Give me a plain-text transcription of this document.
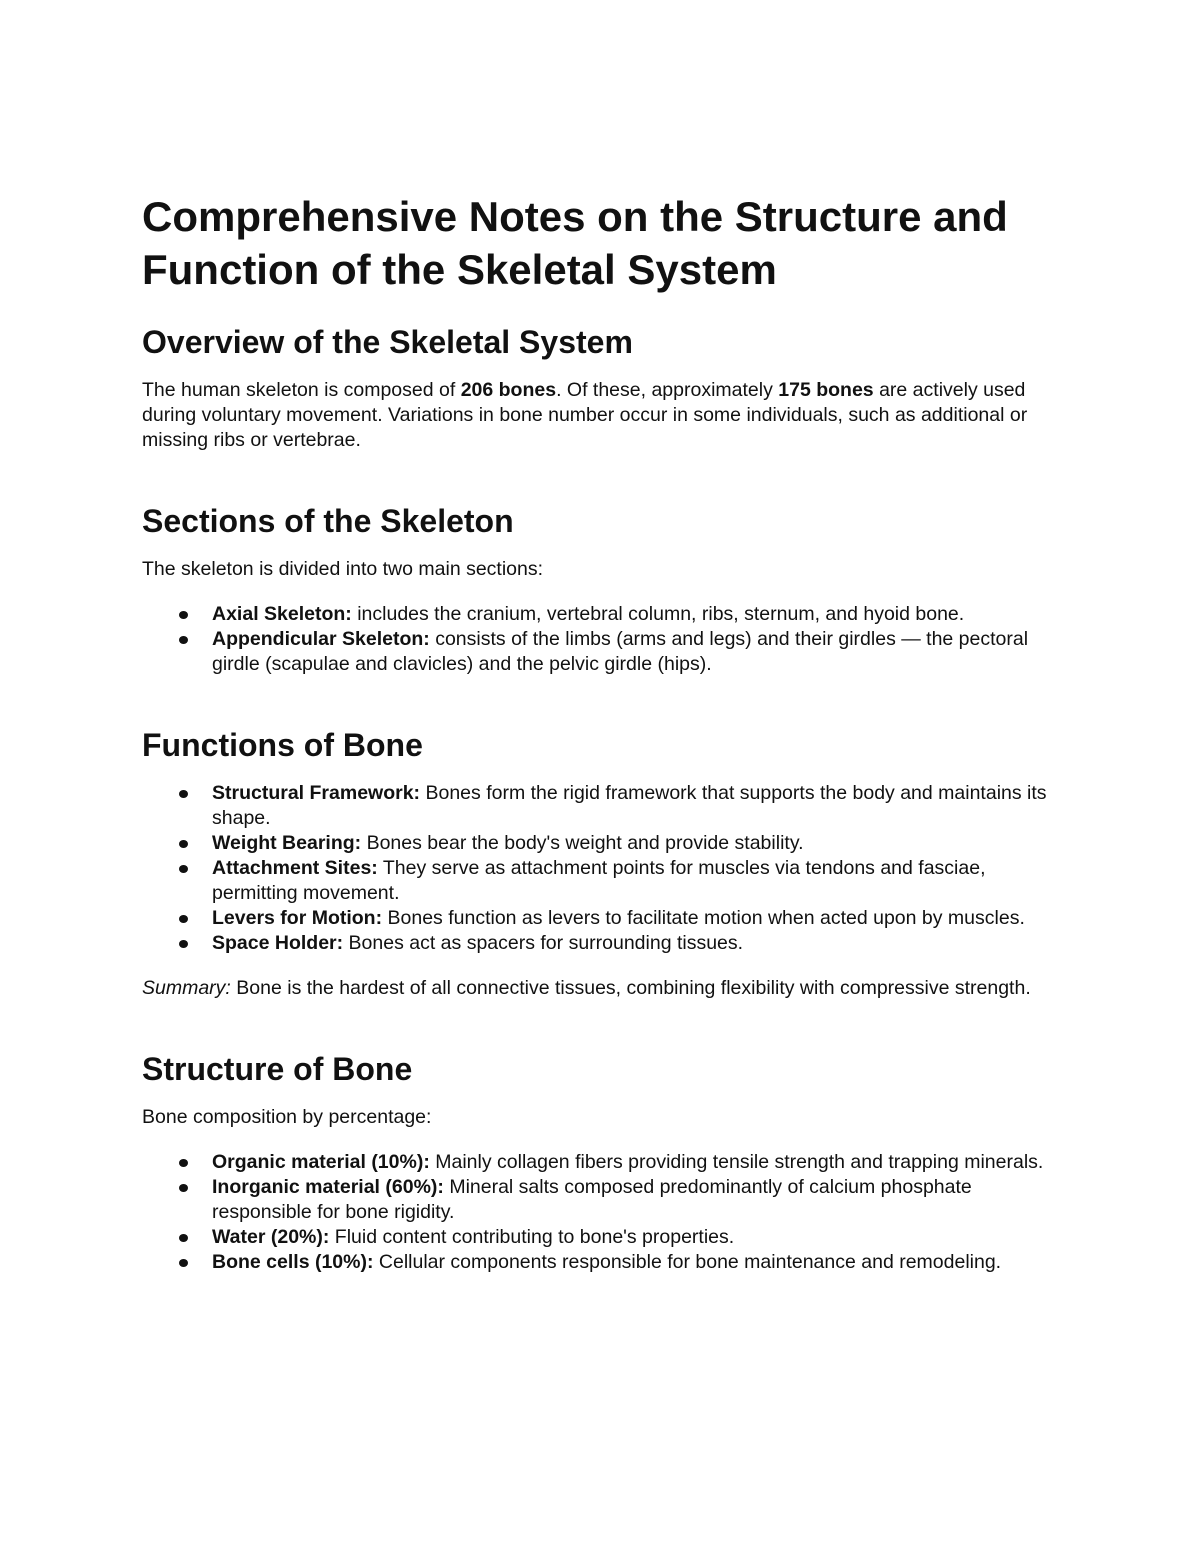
Comprehensive Notes on the Structure and Function of the Skeletal System
Overview of the Skeletal System

The human skeleton is composed of 206 bones. Of these, approximately 175 bones are actively used during voluntary movement. Variations in bone number occur in some individuals, such as additional or missing ribs or vertebrae.

Sections of the Skeleton

The skeleton is divided into two main sections:

Axial Skeleton: includes the cranium, vertebral column, ribs, sternum, and hyoid bone.
Appendicular Skeleton: consists of the limbs (arms and legs) and their girdles — the pectoral girdle (scapulae and clavicles) and the pelvic girdle (hips).
Functions of Bone
Structural Framework: Bones form the rigid framework that supports the body and maintains its shape.
Weight Bearing: Bones bear the body's weight and provide stability.
Attachment Sites: They serve as attachment points for muscles via tendons and fasciae, permitting movement.
Levers for Motion: Bones function as levers to facilitate motion when acted upon by muscles.
Space Holder: Bones act as spacers for surrounding tissues.

Summary: Bone is the hardest of all connective tissues, combining flexibility with compressive strength.

Structure of Bone

Bone composition by percentage:

Organic material (10%): Mainly collagen fibers providing tensile strength and trapping minerals.
Inorganic material (60%): Mineral salts composed predominantly of calcium phosphate responsible for bone rigidity.
Water (20%): Fluid content contributing to bone's properties.
Bone cells (10%): Cellular components responsible for bone maintenance and remodeling.
